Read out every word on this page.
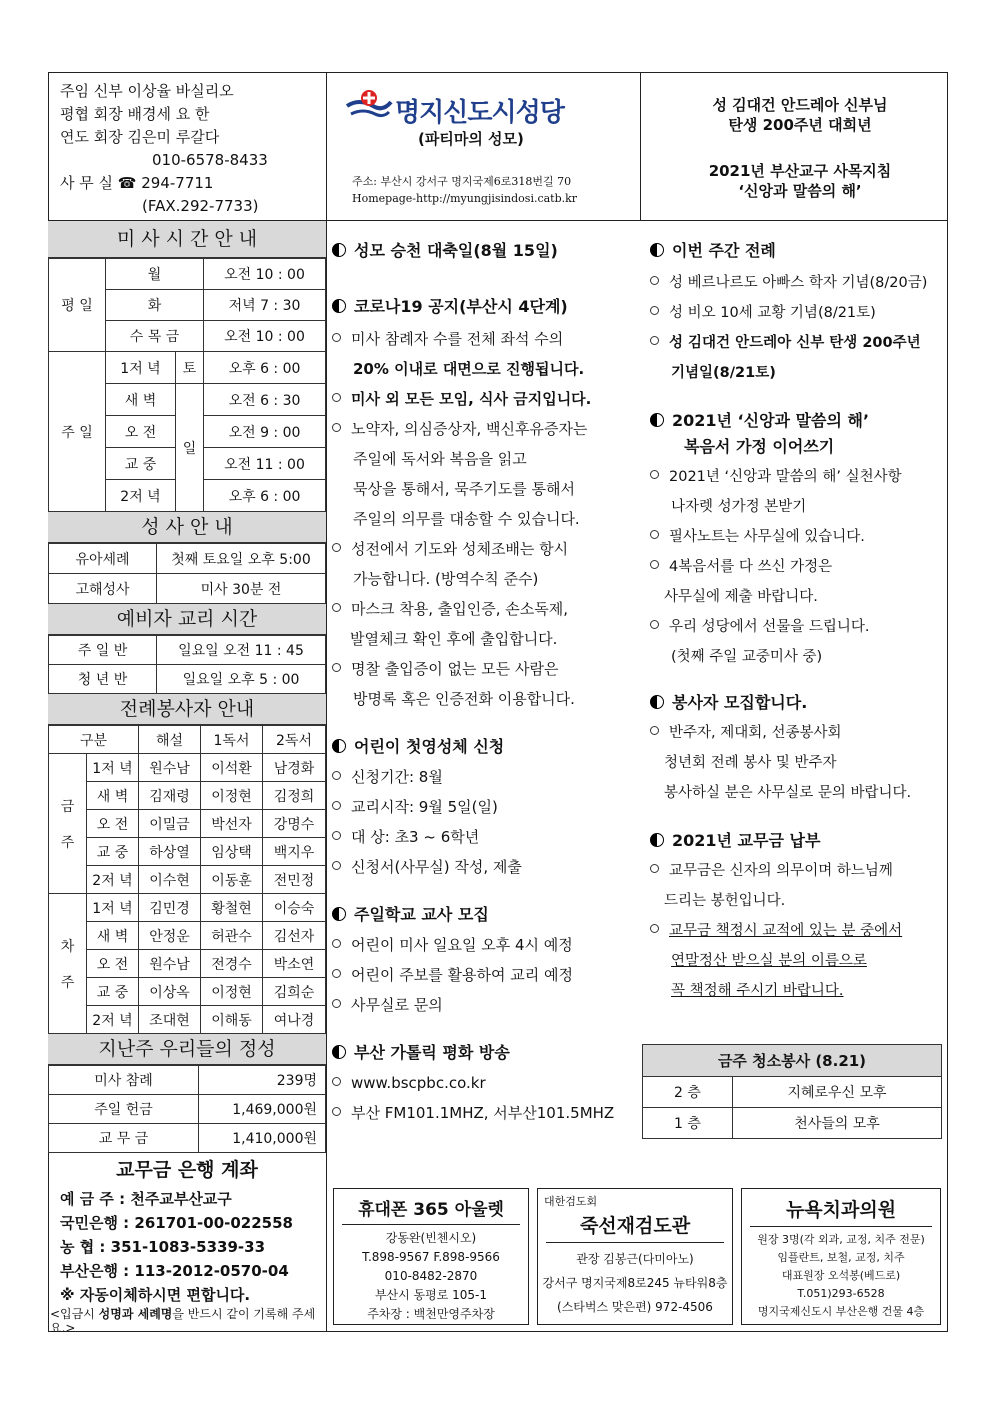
주임 신부 이상율 바실리오
평협 회장 배경세 요 한
연도 회장 김은미 루갈다
010-6578-8433
사 무 실 ☎ 294-7711
(FAX.292-7733)
명지신도시성당
(파티마의 성모)
주소: 부산시 강서구 명지국제6로318번길 70
Homepage-http://myungjisindosi.catb.kr
성 김대건 안드레아 신부님
탄생 200주년 대희년
2021년 부산교구 사목지침
‘신앙과 말씀의 해’
미 사 시 간 안 내
평 일	월		오전 10 : 00
	화		저녁 7 : 30
	수 목 금		오전 10 : 00
주 일	1저 녁	토	오후 6 : 00
	새 벽	일	오전 6 : 30
	오 전		오전 9 : 00
	교 중		오전 11 : 00
	2저 녁		오후 6 : 00
성 사 안 내
유아세례	첫째 토요일 오후 5:00
고해성사	미사 30분 전
예비자 교리 시간
주 일 반	일요일 오전 11 : 45
청 년 반	일요일 오후 5 : 00
전례봉사자 안내
구분		해설	1독서	2독서
금

주	1저 녁	원수남	이석환	남경화
	새 벽	김재령	이정현	김정희
	오 전	이밀금	박선자	강명수
	교 중	하상열	임상택	백지우
	2저 녁	이수현	이동훈	전민정
차

주	1저 녁	김민경	황철현	이승숙
	새 벽	안정운	허관수	김선자
	오 전	원수남	전경수	박소연
	교 중	이상옥	이정현	김희순
	2저 녁	조대현	이해동	여나경
지난주 우리들의 정성
미사 참례	239명
주일 헌금	1,469,000원
교 무 금	1,410,000원
교무금 은행 계좌
예 금 주 : 천주교부산교구
국민은행 : 261701-00-022558
농 협 : 351-1083-5339-33
부산은행 : 113-2012-0570-04
※ 자동이체하시면 편합니다.
<입금시 성명과 세례명을 반드시 같이 기록해 주세요.>
성모 승천 대축일(8월 15일)
코로나19 공지(부산시 4단계)
미사 참례자 수를 전체 좌석 수의
20% 이내로 대면으로 진행됩니다.
미사 외 모든 모임, 식사 금지입니다.
노약자, 의심증상자, 백신후유증자는
주일에 독서와 복음을 읽고
묵상을 통해서, 묵주기도를 통해서
주일의 의무를 대송할 수 있습니다.
성전에서 기도와 성체조배는 항시
가능합니다. (방역수칙 준수)
마스크 착용, 출입인증, 손소독제,
발열체크 확인 후에 출입합니다.
명찰 출입증이 없는 모든 사람은
방명록 혹은 인증전화 이용합니다.
어린이 첫영성체 신청
신청기간: 8월
교리시작: 9월 5일(일)
대 상: 초3 ~ 6학년
신청서(사무실) 작성, 제출
주일학교 교사 모집
어린이 미사 일요일 오후 4시 예정
어린이 주보를 활용하여 교리 예정
사무실로 문의
부산 가톨릭 평화 방송
www.bscpbc.co.kr
부산 FM101.1MHZ, 서부산101.5MHZ
이번 주간 전례
성 베르나르도 아빠스 학자 기념(8/20금)
성 비오 10세 교황 기념(8/21토)
성 김대건 안드레아 신부 탄생 200주년
기념일(8/21토)
2021년 ‘신앙과 말씀의 해’
복음서 가정 이어쓰기
2021년 ‘신앙과 말씀의 해’ 실천사항
나자렛 성가정 본받기
필사노트는 사무실에 있습니다.
4복음서를 다 쓰신 가정은
사무실에 제출 바랍니다.
우리 성당에서 선물을 드립니다.
(첫째 주일 교중미사 중)
봉사자 모집합니다.
반주자, 제대회, 선종봉사회
청년회 전례 봉사 및 반주자
봉사하실 분은 사무실로 문의 바랍니다.
2021년 교무금 납부
교무금은 신자의 의무이며 하느님께
드리는 봉헌입니다.
교무금 책정시 교적에 있는 분 중에서
연말정산 받으실 분의 이름으로
꼭 책정해 주시기 바랍니다.
금주 청소봉사 (8.21)	
2 층	지혜로우신 모후
1 층	천사들의 모후
휴대폰 365 아울렛
강동완(빈첸시오)
T.898-9567 F.898-9566
010-8482-2870
부산시 동평로 105-1
주차장 : 백천만영주차장
대한검도회
죽선재검도관
관장 김봉근(다미아노)
강서구 명지국제8로245 뉴타워8층
(스타벅스 맞은편) 972-4506
뉴욕치과의원
원장 3명(각 외과, 교정, 치주 전문)
임플란트, 보철, 교정, 치주
대표원장 오석봉(베드로)
T.051)293-6528
명지국제신도시 부산은행 건물 4층
